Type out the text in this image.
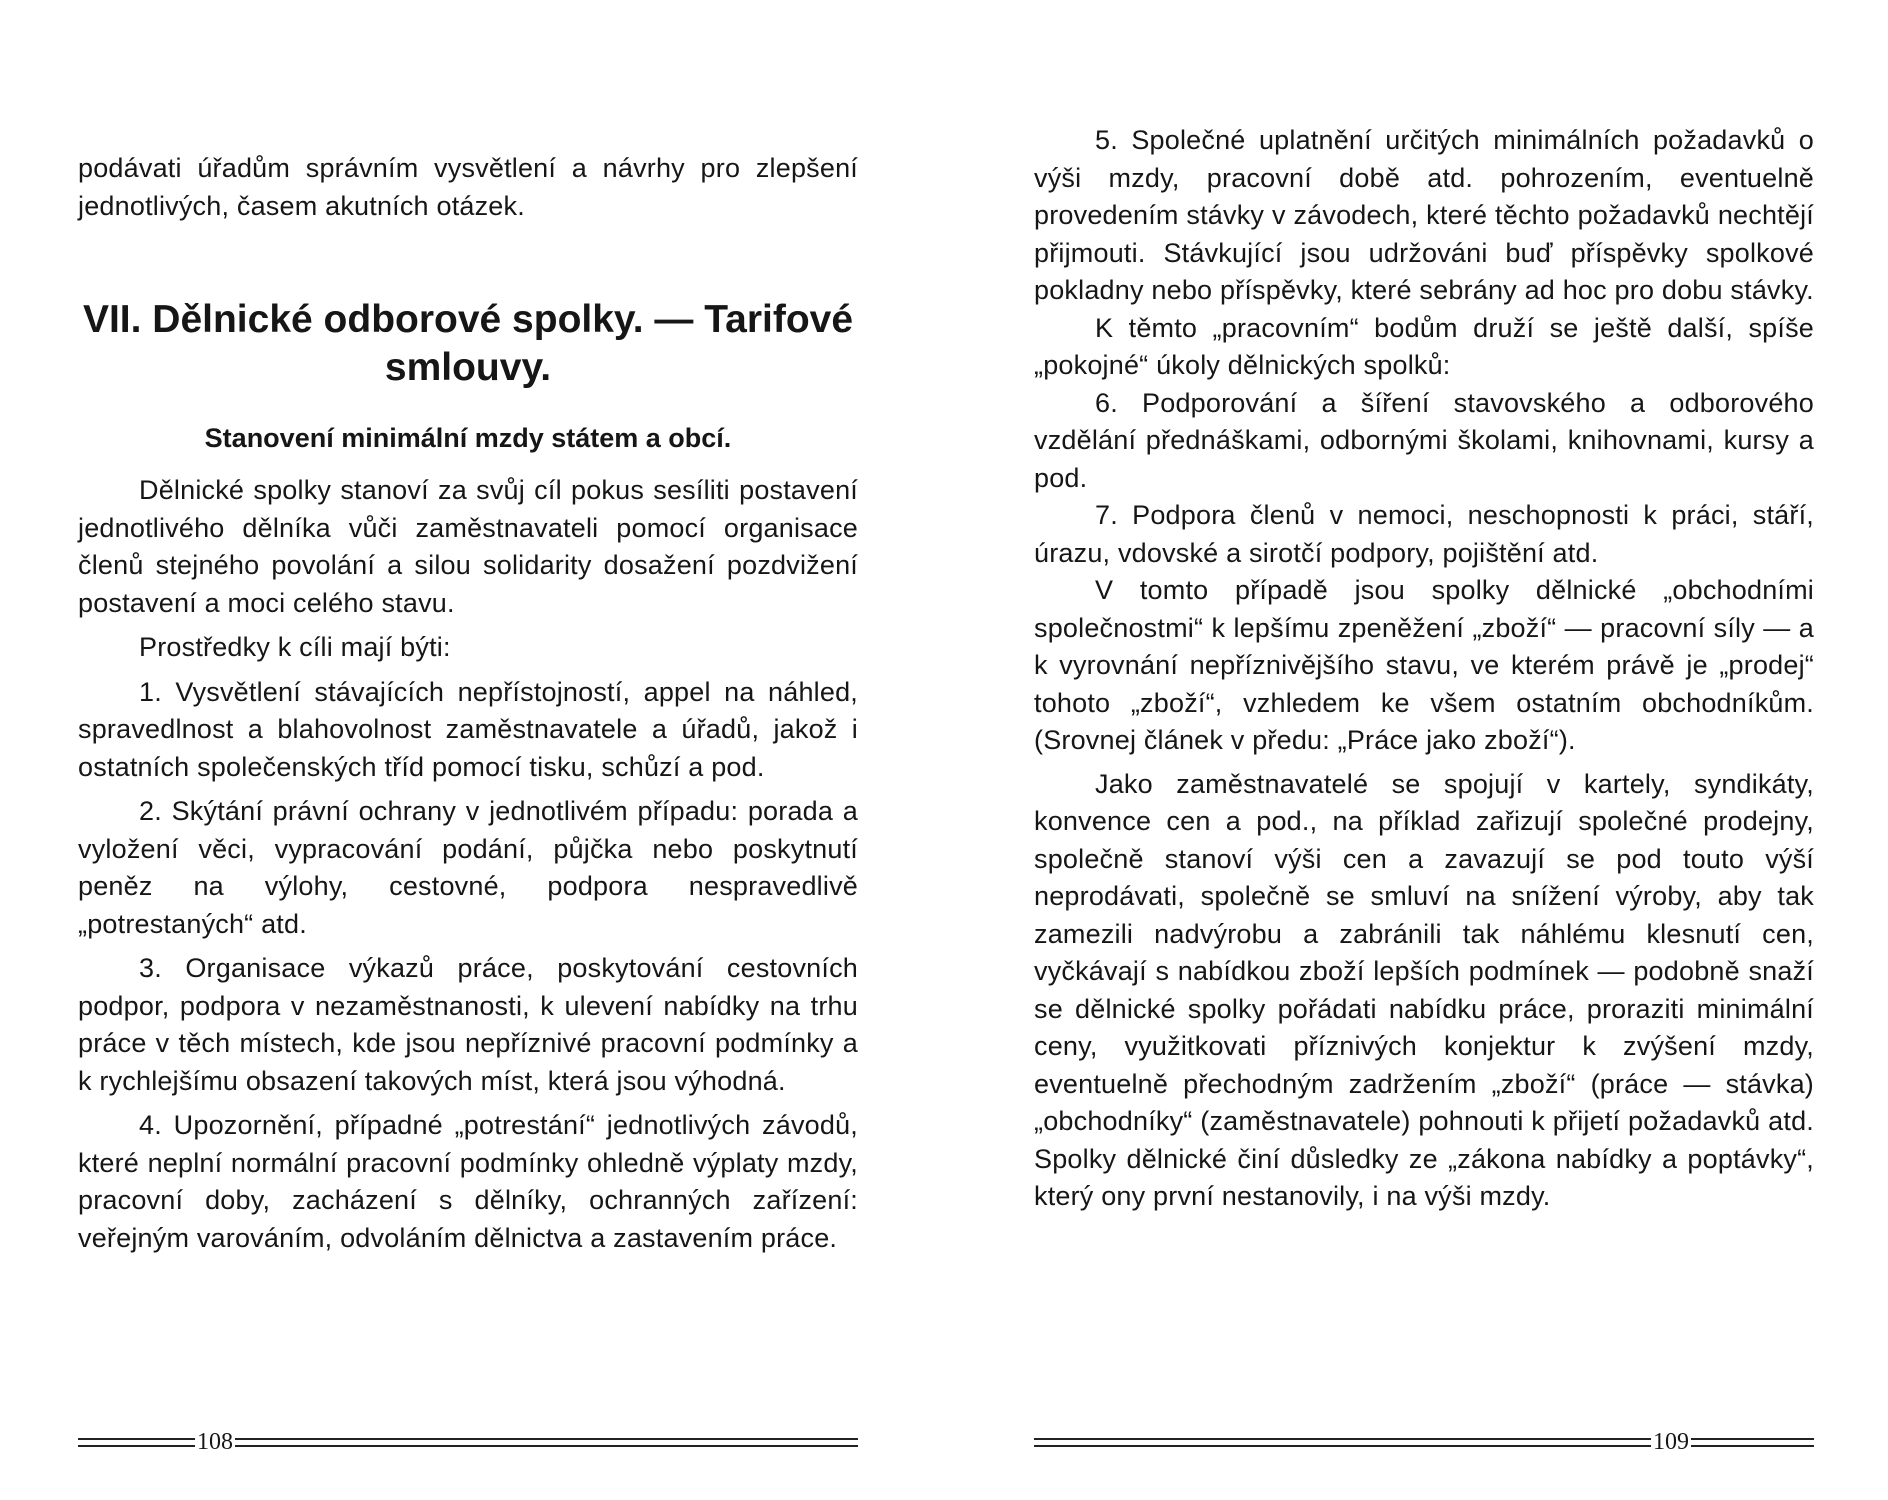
podávati úřadům správním vysvětlení a návrhy pro zlepšení jednotlivých, časem akutních otázek.

VII. Dělnické odborové spolky. — Tarifové smlouvy.
Stanovení minimální mzdy státem a obcí.

Dělnické spolky stanoví za svůj cíl pokus sesíliti postavení jednotlivého dělníka vůči zaměstnavateli pomocí organisace členů stejného povolání a silou solidarity dosažení pozdvižení postavení a moci celého stavu.

Prostředky k cíli mají býti:

1. Vysvětlení stávajících nepřístojností, appel na náhled, spravedlnost a blahovolnost zaměstnavatele a úřadů, jakož i ostatních společenských tříd pomocí tisku, schůzí a pod.

2. Skýtání právní ochrany v jednotlivém případu: porada a vyložení věci, vypracování podání, půjčka nebo poskytnutí peněz na výlohy, cestovné, podpora nespravedlivě „potrestaných“ atd.

3. Organisace výkazů práce, poskytování cestovních podpor, podpora v nezaměstnanosti, k ulevení nabídky na trhu práce v těch místech, kde jsou nepříznivé pracovní podmínky a k rychlejšímu obsazení takových míst, která jsou výhodná.

4. Upozornění, případné „potrestání“ jednotlivých závodů, které neplní normální pracovní podmínky ohledně výplaty mzdy, pracovní doby, zacházení s dělníky, ochranných zařízení: veřejným varováním, odvoláním dělnictva a zastavením práce.

108

5. Společné uplatnění určitých minimálních požadavků o výši mzdy, pracovní době atd. pohrozením, eventuelně provedením stávky v závodech, které těchto požadavků nechtějí přijmouti. Stávkující jsou udržováni buď příspěvky spolkové pokladny nebo příspěvky, které sebrány ad hoc pro dobu stávky.

K těmto „pracovním“ bodům druží se ještě další, spíše „pokojné“ úkoly dělnických spolků:

6. Podporování a šíření stavovského a odborového vzdělání přednáškami, odbornými školami, knihovnami, kursy a pod.

7. Podpora členů v nemoci, neschopnosti k práci, stáří, úrazu, vdovské a sirotčí podpory, pojištění atd.

V tomto případě jsou spolky dělnické „obchodními společnostmi“ k lepšímu zpeněžení „zboží“ — pracovní síly — a k vyrovnání nepříznivějšího stavu, ve kterém právě je „prodej“ tohoto „zboží“, vzhledem ke všem ostatním obchodníkům. (Srovnej článek v předu: „Práce jako zboží“).

Jako zaměstnavatelé se spojují v kartely, syndikáty, konvence cen a pod., na příklad zařizují společné prodejny, společně stanoví výši cen a zavazují se pod touto výší neprodávati, společně se smluví na snížení výroby, aby tak zamezili nadvýrobu a zabránili tak náhlému klesnutí cen, vyčkávají s nabídkou zboží lepších podmínek — podobně snaží se dělnické spolky pořádati nabídku práce, proraziti minimální ceny, využitkovati příznivých konjektur k zvýšení mzdy, eventuelně přechodným zadržením „zboží“ (práce — stávka) „obchodníky“ (zaměstnavatele) pohnouti k přijetí požadavků atd. Spolky dělnické činí důsledky ze „zákona nabídky a poptávky“, který ony první nestanovily, i na výši mzdy.

109
